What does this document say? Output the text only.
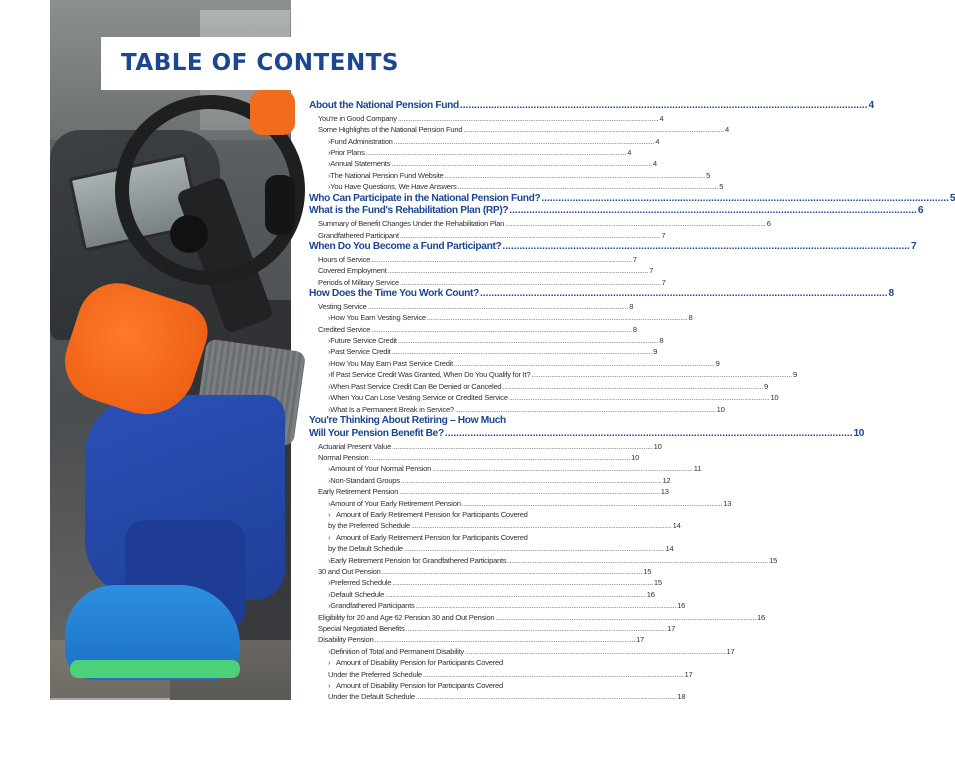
TABLE OF CONTENTS
About the National Pension Fund .....	4
You're in Good Company .....	4
Some Highlights of the National Pension Fund .....	4
› Fund Administration .....	4
› Prior Plans .....	4
› Annual Statements .....	4
› The National Pension Fund Website .....	5
› You Have Questions, We Have Answers .....	5
Who Can Participate in the National Pension Fund? .....	5
What is the Fund's Rehabilitation Plan (RP)? .....	6
Summary of Benefit Changes Under the Rehabilitation Plan .....	6
Grandfathered Participant .....	7
When Do You Become a Fund Participant? .....	7
Hours of Service .....	7
Covered Employment .....	7
Periods of Military Service .....	7
How Does the Time You Work Count? .....	8
Vesting Service .....	8
› How You Earn Vesting Service .....	8
Credited Service .....	8
› Future Service Credit .....	8
› Past Service Credit .....	9
› How You May Earn Past Service Credit .....	9
› If Past Service Credit Was Granted, When Do You Qualify for It? .....	9
› When Past Service Credit Can Be Denied or Canceled .....	9
› When You Can Lose Vesting Service or Credited Service .....	10
› What Is a Permanent Break in Service? .....	10
You're Thinking About Retiring – How Much
Will Your Pension Benefit Be? .....	10
Actuarial Present Value .....	10
Normal Pension .....	10
› Amount of Your Normal Pension .....	11
› Non-Standard Groups .....	12
Early Retirement Pension .....	13
› Amount of Your Early Retirement Pension .....	13
› Amount of Early Retirement Pension for Participants Covered
by the Preferred Schedule .....	14
› Amount of Early Retirement Pension for Participants Covered
by the Default Schedule .....	14
› Early Retirement Pension for Grandfathered Participants .....	15
30 and Out Pension .....	15
› Preferred Schedule .....	15
› Default Schedule .....	16
› Grandfathered Participants .....	16
Eligibility for 20 and Age 62 Pension 30 and Out Pension .....	16
Special Negotiated Benefits .....	17
Disability Pension .....	17
› Definition of Total and Permanent Disability .....	17
› Amount of Disability Pension for Participants Covered
Under the Preferred Schedule .....	17
› Amount of Disability Pension for Participants Covered
Under the Default Schedule .....	18
